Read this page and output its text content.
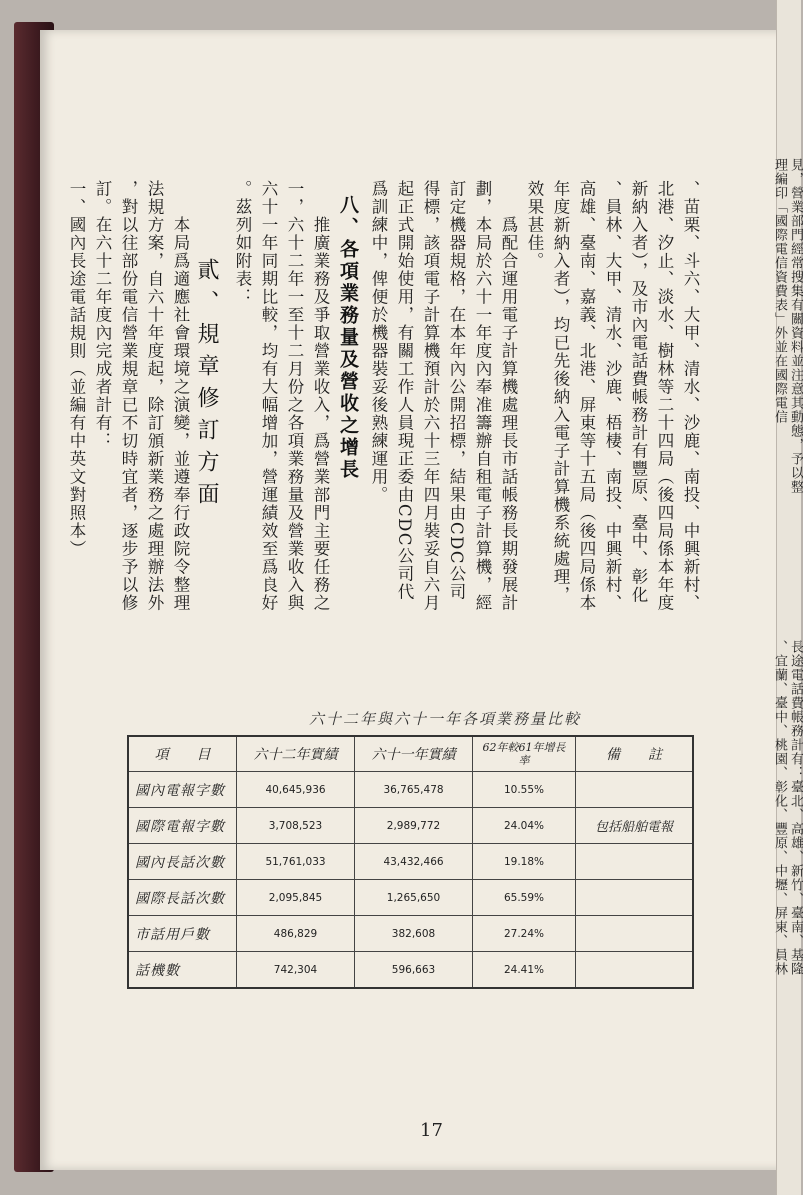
、苗栗、斗六、大甲、清水、沙鹿、南投、中興新村、
北港、汐止、淡水、樹林等二十四局（後四局係本年度
新納入者），及市內電話費帳務計有豐原、臺中、彰化
、員林、大甲、清水、沙鹿、梧棲、南投、中興新村、
高雄、臺南、嘉義、北港、屏東等十五局（後四局係本
年度新納入者），均已先後納入電子計算機系統處理，
效果甚佳。
　　爲配合運用電子計算機處理長市話帳務長期發展計
劃，本局於六十一年度內奉准籌辦自租電子計算機，經
訂定機器規格，在本年內公開招標，結果由CDC公司
得標，該項電子計算機預計於六十三年四月裝妥自六月
起正式開始使用，有關工作人員現正委由CDC公司代
爲訓練中，俾便於機器裝妥後熟練運用。
八、各項業務量及營收之增長
　　推廣業務及爭取營業收入，爲營業部門主要任務之
一，六十二年一至十二月份之各項業務量及營業收入與
六十一年同期比較，均有大幅增加，營運績效至爲良好
。茲列如附表：
貳、規章修訂方面
　　本局爲適應社會環境之演變，並遵奉行政院令整理
法規方案，自六十年度起，除訂頒新業務之處理辦法外
，對以往部份電信營業規章已不切時宜者，逐步予以修
訂。在六十二年度內完成者計有：
一、國內長途電話規則（並編有中英文對照本）
17
六十二年與六十一年各項業務量比較
項　　目	六十二年實績	六十一年實績	62年較61年增長率	備　　註
國內電報字數	40,645,936	36,765,478	10.55%	
國際電報字數	3,708,523	2,989,772	24.04%	包括船舶電報
國內長話次數	51,761,033	43,432,466	19.18%	
國際長話次數	2,095,845	1,265,650	65.59%	
市話用戶數	486,829	382,608	27.24%	
話機數	742,304	596,663	24.41%	
見，營業部門經常搜集有關資料並注意其動態，予以整
理編印「國際電信資費表」外並在國際電信
長途電話費帳務計有：臺北、高雄、新竹、臺南、基隆
、宜蘭、臺中、桃園、彰化、豐原、中壢、屏東、員林
